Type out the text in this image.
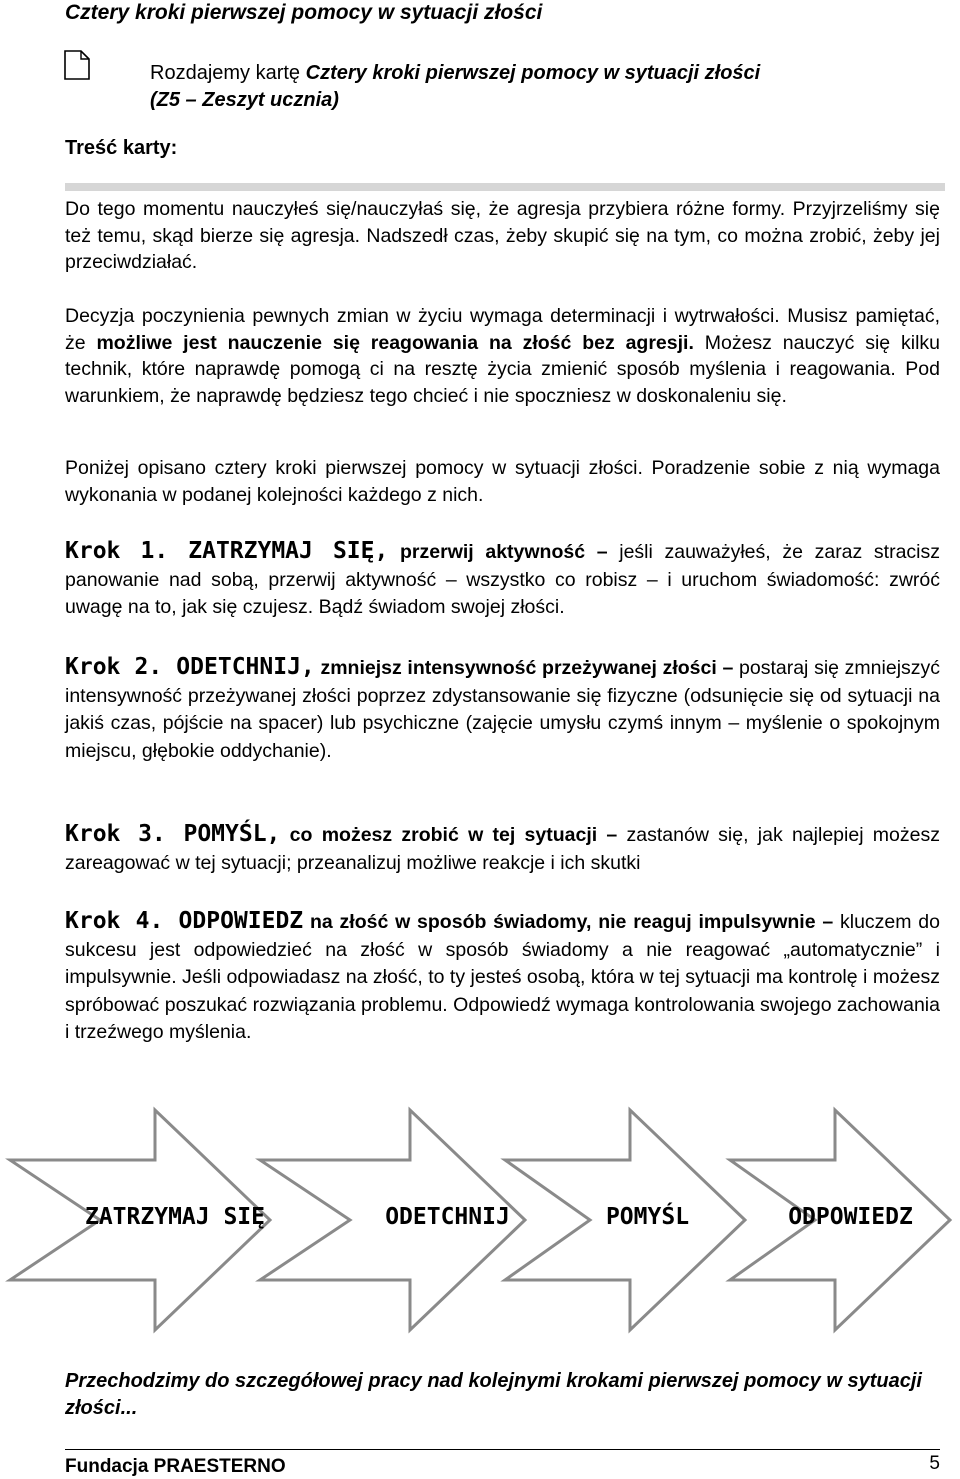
Cztery kroki pierwszej pomocy w sytuacji złości
Rozdajemy kartę Cztery kroki pierwszej pomocy w sytuacji złości
(Z5 – Zeszyt ucznia)
Treść karty:

Do tego momentu nauczyłeś się/nauczyłaś się, że agresja przybiera różne formy. Przyjrzeliśmy się też temu, skąd bierze się agresja. Nadszedł czas, żeby skupić się na tym, co można zrobić, żeby jej przeciwdziałać.

Decyzja poczynienia pewnych zmian w życiu wymaga determinacji i wytrwałości. Musisz pamiętać, że możliwe jest nauczenie się reagowania na złość bez agresji. Możesz nauczyć się kilku technik, które naprawdę pomogą ci na resztę życia zmienić sposób myślenia i reagowania. Pod warunkiem, że naprawdę będziesz tego chcieć i nie spoczniesz w doskonaleniu się.

Poniżej opisano cztery kroki pierwszej pomocy w sytuacji złości. Poradzenie sobie z nią wymaga wykonania w podanej kolejności każdego z nich.

Krok 1. ZATRZYMAJ SIĘ, przerwij aktywność – jeśli zauważyłeś, że zaraz stracisz panowanie nad sobą, przerwij aktywność – wszystko co robisz – i uruchom świadomość: zwróć uwagę na to, jak się czujesz. Bądź świadom swojej złości.

Krok 2. ODETCHNIJ, zmniejsz intensywność przeżywanej złości – postaraj się zmniejszyć intensywność przeżywanej złości poprzez zdystansowanie się fizyczne (odsunięcie się od sytuacji na jakiś czas, pójście na spacer) lub psychiczne (zajęcie umysłu czymś innym – myślenie o spokojnym miejscu, głębokie oddychanie).

Krok 3. POMYŚL, co możesz zrobić w tej sytuacji – zastanów się, jak najlepiej możesz zareagować w tej sytuacji; przeanalizuj możliwe reakcje i ich skutki

Krok 4. ODPOWIEDZ na złość w sposób świadomy, nie reaguj impulsywnie – kluczem do sukcesu jest odpowiedzieć na złość w sposób świadomy a nie reagować „automatycznie” i impulsywnie. Jeśli odpowiadasz na złość, to ty jesteś osobą, która w tej sytuacji ma kontrolę i możesz spróbować poszukać rozwiązania problemu. Odpowiedź wymaga kontrolowania swojego zachowania i trzeźwego myślenia.

ZATRZYMAJ SIĘ	ODETCHNIJ	POMYŚL	ODPOWIEDZ
Przechodzimy do szczegółowej pracy nad kolejnymi krokami pierwszej pomocy w sytuacji złości...
Fundacja PRAESTERNO	5
